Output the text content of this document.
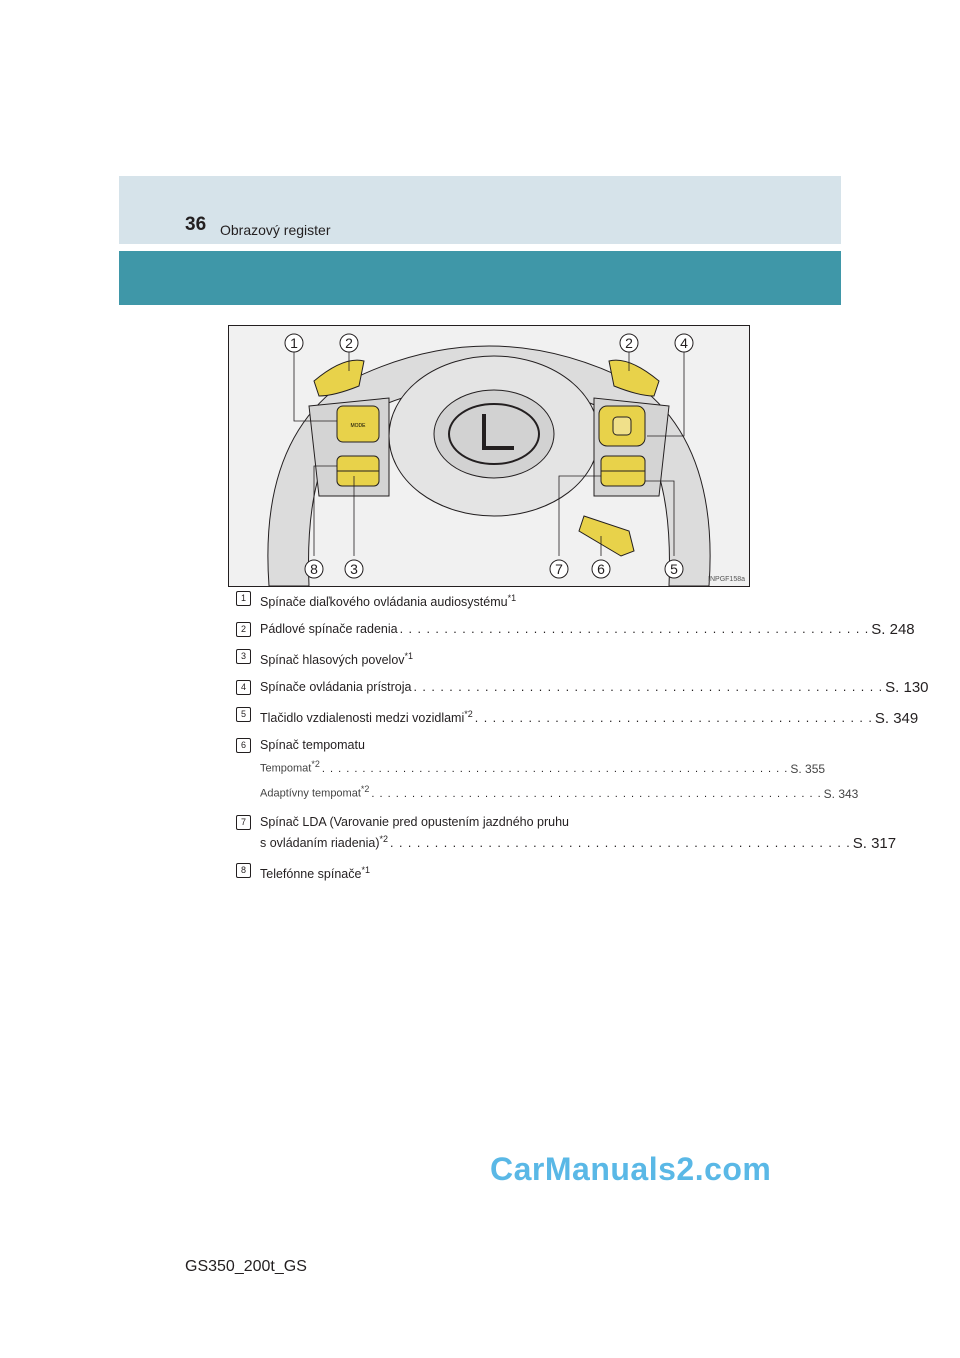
36 Obrazový register
MODE
1	2	2	4
8 3	7 6	5
INPGF158a
1	Spínače diaľkového ovládania audiosystému$^{*1}$
2	Pádlové spínače radenia . . . . . . . . . . . . . . . . . . . . . . . . . . . . . . . . . . . . . . . . . . . . . . . . . . . . . S. 248
3	Spínač hlasových povelov$^{*1}$
4	Spínače ovládania prístroja . . . . . . . . . . . . . . . . . . . . . . . . . . . . . . . . . . . . . . . . . . . . . . . . . . . . . S. 130
5	Tlačidlo vzdialenosti medzi vozidlami$^{*2}$ . . . . . . . . . . . . . . . . . . . . . . . . . . . . . . . . . . . . . . . . . . . . . S. 349
6	Spínač tempomatu
Tempomat$^{*2}$ . . . . . . . . . . . . . . . . . . . . . . . . . . . . . . . . . . . . . . . . . . . . . . . . . . . . . . . . . . S. 355
Adaptívny tempomat$^{*2}$ . . . . . . . . . . . . . . . . . . . . . . . . . . . . . . . . . . . . . . . . . . . . . . . . . . . . . . . . S. 343
7	Spínač LDA (Varovanie pred opustením jazdného pruhu
s ovládaním riadenia)$^{*2}$ . . . . . . . . . . . . . . . . . . . . . . . . . . . . . . . . . . . . . . . . . . . . . . . . . . . . S. 317
8	Telefónne spínače$^{*1}$
CarManuals2.com
GS350_200t_GS
